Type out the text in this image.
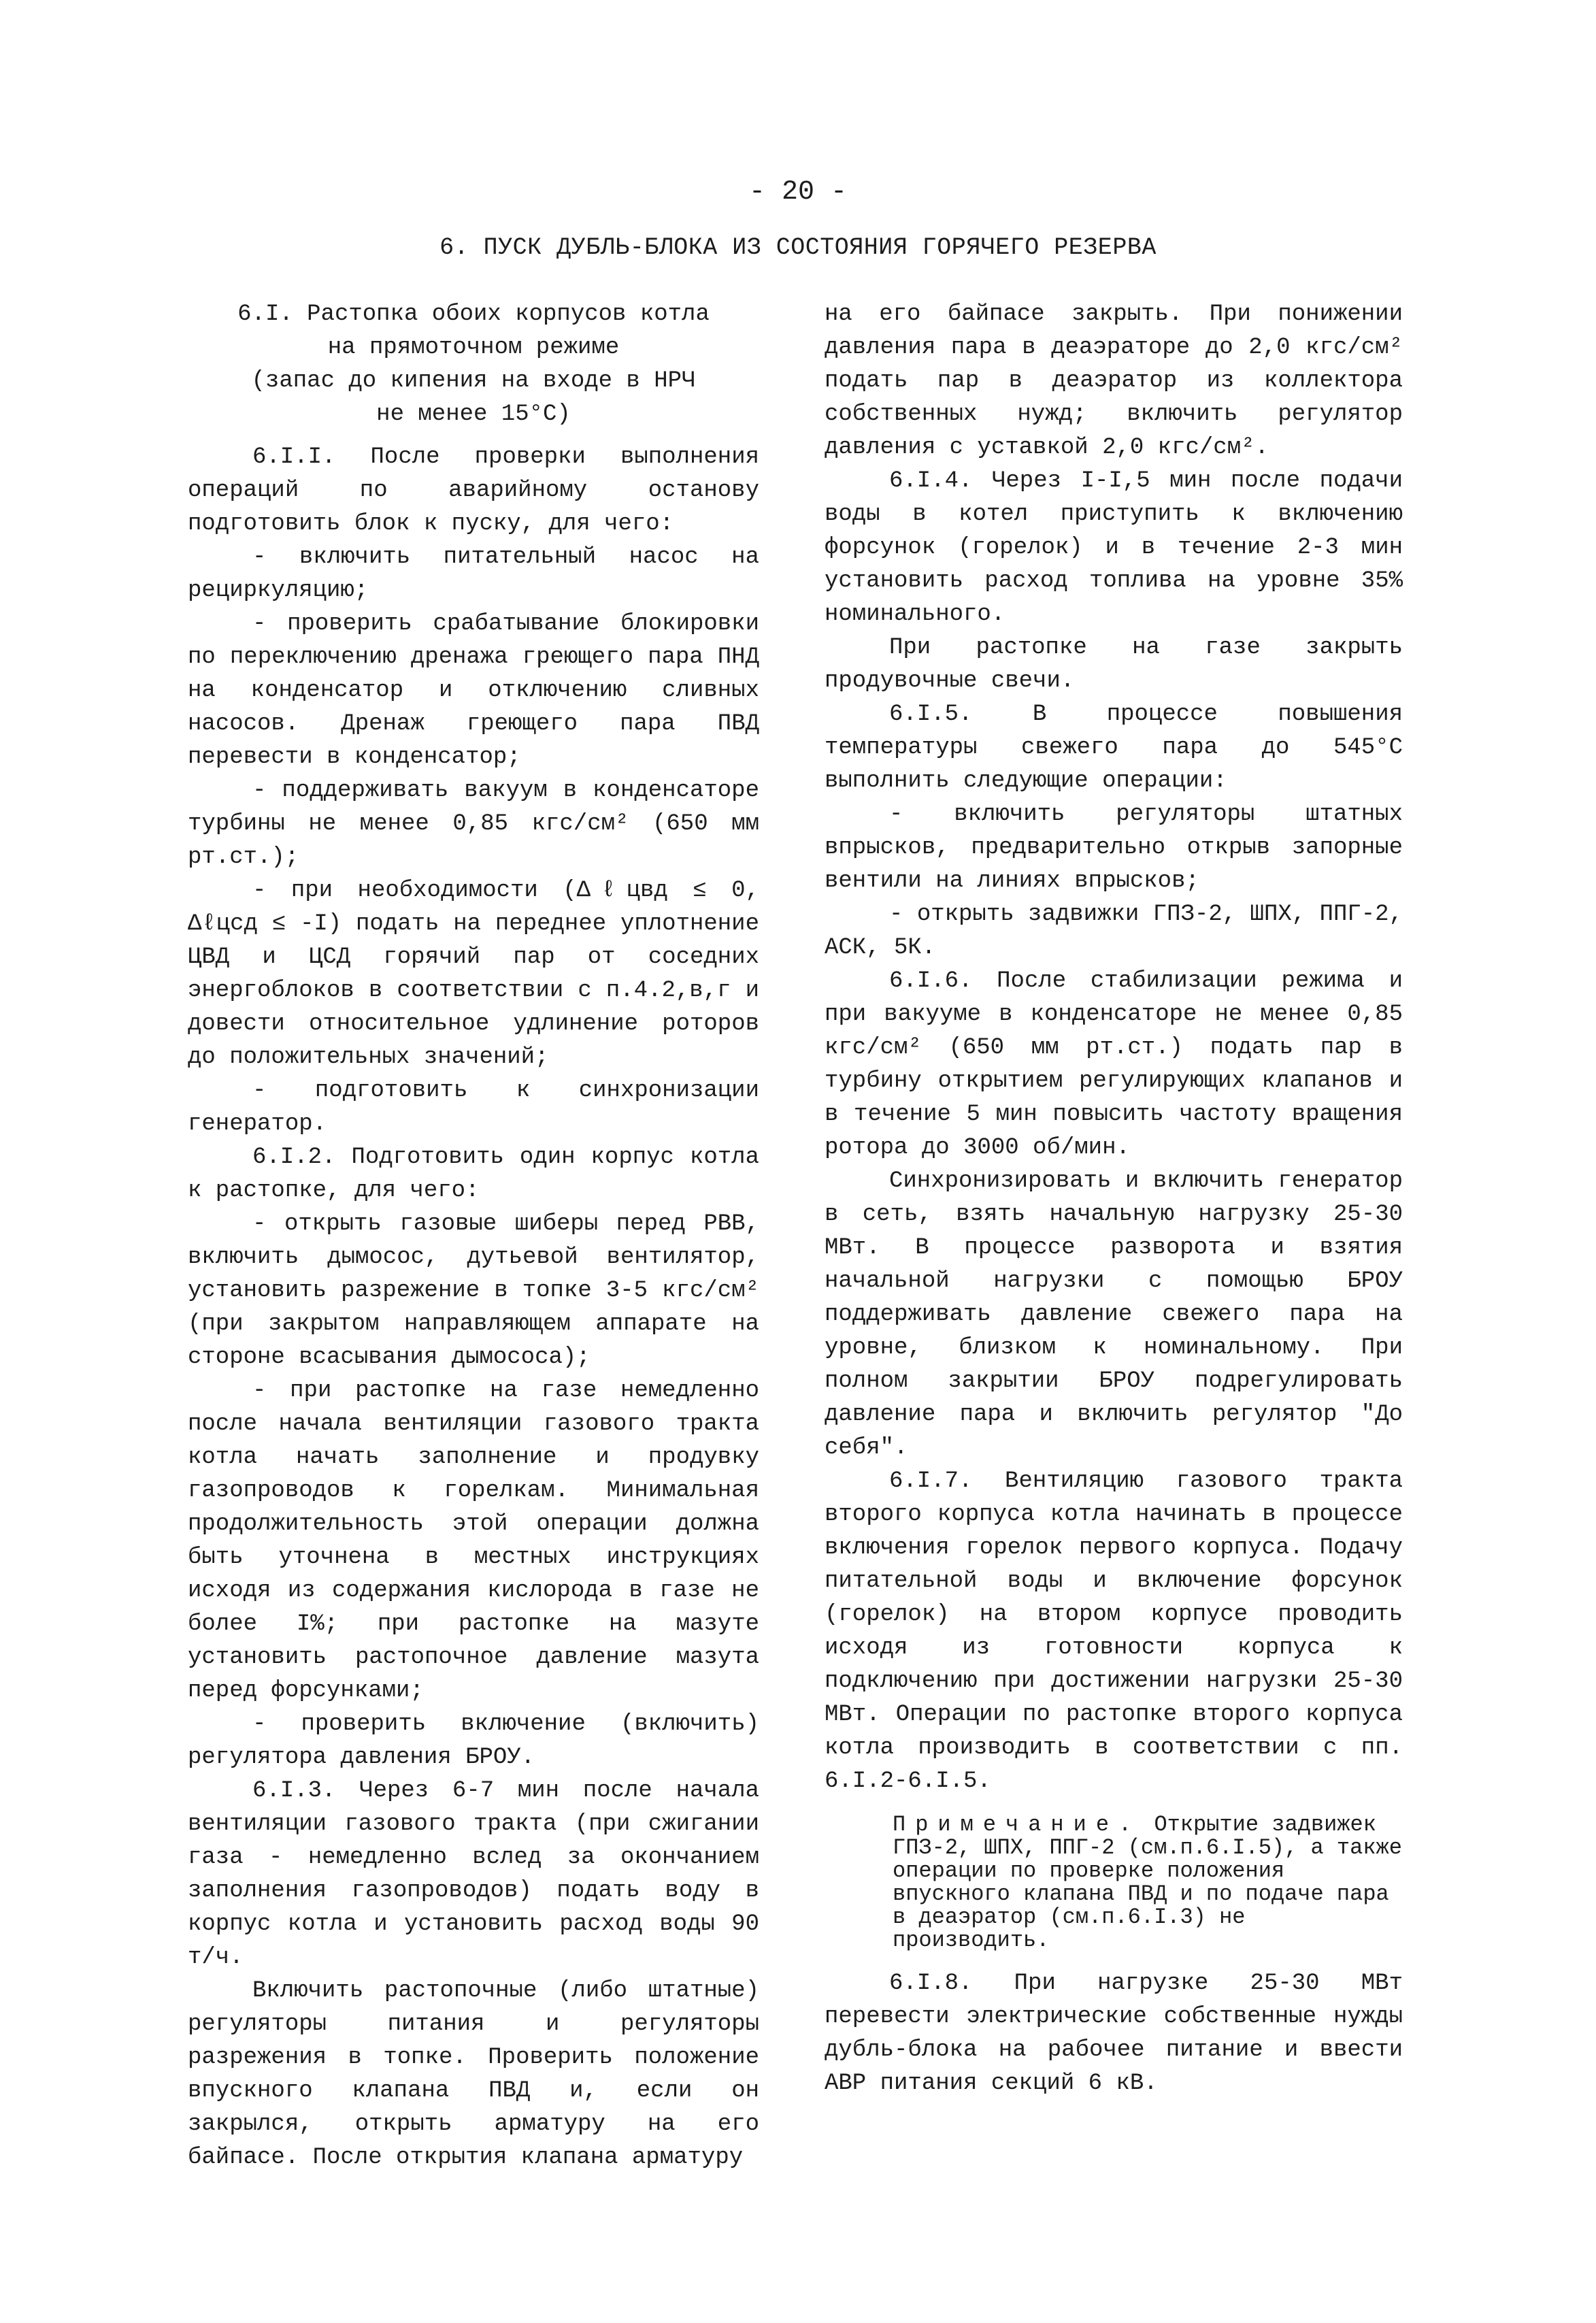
- 20 -
6. ПУСК ДУБЛЬ-БЛОКА ИЗ СОСТОЯНИЯ ГОРЯЧЕГО РЕЗЕРВА
6.I. Растопка обоих корпусов котла
на прямоточном режиме
(запас до кипения на входе в НРЧ
не менее 15°С)

6.I.I. После проверки выполнения операций по аварийному останову подготовить блок к пуску, для чего:

- включить питательный насос на рециркуляцию;

- проверить срабатывание блокировки по переключению дренажа греющего пара ПНД на конденсатор и отключению сливных насосов. Дренаж греющего пара ПВД перевести в конденсатор;

- поддерживать вакуум в конденсаторе турбины не менее 0,85 кгс/см² (650 мм рт.ст.);

- при необходимости (Δℓцвд ≤ 0, Δℓцсд ≤ -I) подать на переднее уплотнение ЦВД и ЦСД горячий пар от соседних энергоблоков в соответствии с п.4.2,в,г и довести относительное удлинение роторов до положительных значений;

- подготовить к синхронизации генератор.

6.I.2. Подготовить один корпус котла к растопке, для чего:

- открыть газовые шиберы перед РВВ, включить дымосос, дутьевой вентилятор, установить разрежение в топке 3-5 кгс/см² (при закрытом направляющем аппарате на стороне всасывания дымососа);

- при растопке на газе немедленно после начала вентиляции газового тракта котла начать заполнение и продувку газопроводов к горелкам. Минимальная продолжительность этой операции должна быть уточнена в местных инструкциях исходя из содержания кислорода в газе не более I%; при растопке на мазуте установить растопочное давление мазута перед форсунками;

- проверить включение (включить) регулятора давления БРОУ.

6.I.3. Через 6-7 мин после начала вентиляции газового тракта (при сжигании газа - немедленно вслед за окончанием заполнения газопроводов) подать воду в корпус котла и установить расход воды 90 т/ч.

Включить растопочные (либо штатные) регуляторы питания и регуляторы разрежения в топке. Проверить положение впускного клапана ПВД и, если он закрылся, открыть арматуру на его байпасе. После открытия клапана арматуру

на его байпасе закрыть. При понижении давления пара в деаэраторе до 2,0 кгс/см² подать пар в деаэратор из коллектора собственных нужд; включить регулятор давления с уставкой 2,0 кгс/см².

6.I.4. Через I-I,5 мин после подачи воды в котел приступить к включению форсунок (горелок) и в течение 2-3 мин установить расход топлива на уровне 35% номинального.

При растопке на газе закрыть продувочные свечи.

6.I.5. В процессе повышения температуры свежего пара до 545°С выполнить следующие операции:

- включить регуляторы штатных впрысков, предварительно открыв запорные вентили на линиях впрысков;

- открыть задвижки ГПЗ-2, ШПХ, ППГ-2, АСК, 5К.

6.I.6. После стабилизации режима и при вакууме в конденсаторе не менее 0,85 кгс/см² (650 мм рт.ст.) подать пар в турбину открытием регулирующих клапанов и в течение 5 мин повысить частоту вращения ротора до 3000 об/мин.

Синхронизировать и включить генератор в сеть, взять начальную нагрузку 25-30 МВт. В процессе разворота и взятия начальной нагрузки с помощью БРОУ поддерживать давление свежего пара на уровне, близком к номинальному. При полном закрытии БРОУ подрегулировать давление пара и включить регулятор "До себя".

6.I.7. Вентиляцию газового тракта второго корпуса котла начинать в процессе включения горелок первого корпуса. Подачу питательной воды и включение форсунок (горелок) на втором корпусе проводить исходя из готовности корпуса к подключению при достижении нагрузки 25-30 МВт. Операции по растопке второго корпуса котла производить в соответствии с пп. 6.I.2-6.I.5.

Примечание. Открытие задвижек ГПЗ-2, ШПХ, ППГ-2 (см.п.6.I.5), а также операции по проверке положения впускного клапана ПВД и по подаче пара в деаэратор (см.п.6.I.3) не производить.

6.I.8. При нагрузке 25-30 МВт перевести электрические собственные нужды дубль-блока на рабочее питание и ввести АВР питания секций 6 кВ.
